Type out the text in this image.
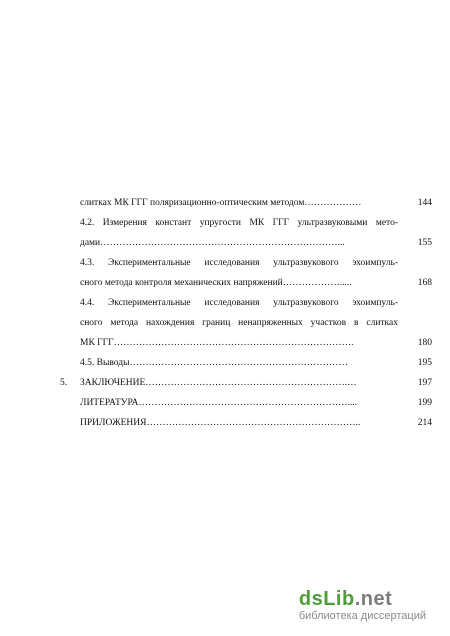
слитках МК ГГГ поляризационно-оптическим методом………………	144
4.2. Измерения констант упругости МК ГГГ ультразвуковыми мето-
дами…………………………………………………………………...	155
4.3. Экспериментальные исследования ультразвукового эхоимпуль-
сного метода контроля механических напряжений……………….....	168
4.4. Экспериментальные исследования ультразвукового эхоимпуль-
сного метода нахождения границ ненапряженных участков в слитках
МК ГГГ………………………………………………………………….	180
4.5. Выводы……………………………………………………………	195
5. ЗАКЛЮЧЕНИЕ……………………………………………………….…	197
ЛИТЕРАТУРА…………………………………………………………....	199
ПРИЛОЖЕНИЯ…………………………………………………………..	214
dsLib.net
библиотека диссертаций
